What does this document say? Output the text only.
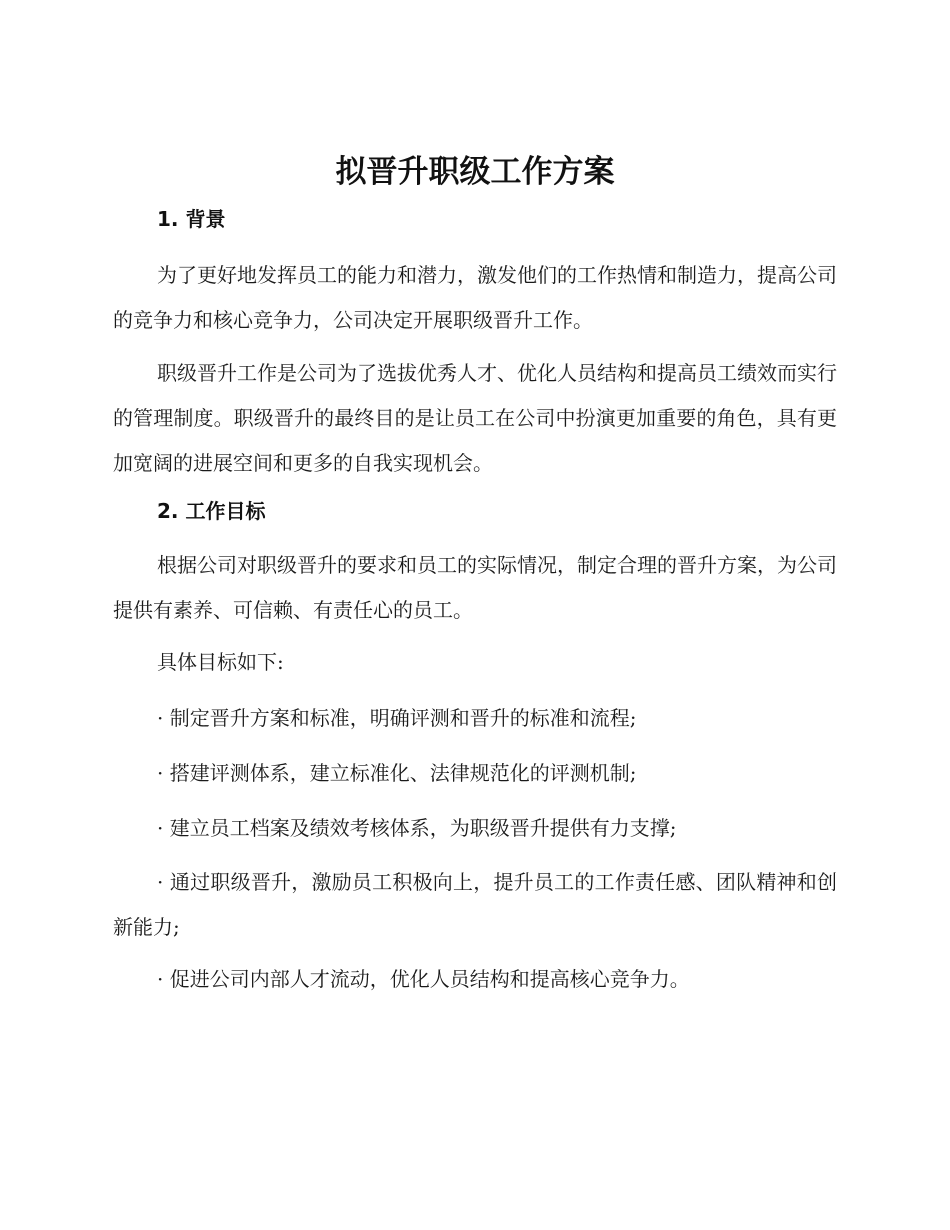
拟晋升职级工作方案
1. 背景

为了更好地发挥员工的能力和潜力，激发他们的工作热情和制造力，提高公司的竞争力和核心竞争力，公司决定开展职级晋升工作。

职级晋升工作是公司为了选拔优秀人才、优化人员结构和提高员工绩效而实行的管理制度。职级晋升的最终目的是让员工在公司中扮演更加重要的角色，具有更加宽阔的进展空间和更多的自我实现机会。

2. 工作目标

根据公司对职级晋升的要求和员工的实际情况，制定合理的晋升方案，为公司提供有素养、可信赖、有责任心的员工。

具体目标如下:

· 制定晋升方案和标准，明确评测和晋升的标准和流程;

· 搭建评测体系，建立标准化、法律规范化的评测机制;

· 建立员工档案及绩效考核体系，为职级晋升提供有力支撑;

· 通过职级晋升，激励员工积极向上，提升员工的工作责任感、团队精神和创新能力;

· 促进公司内部人才流动，优化人员结构和提高核心竞争力。
